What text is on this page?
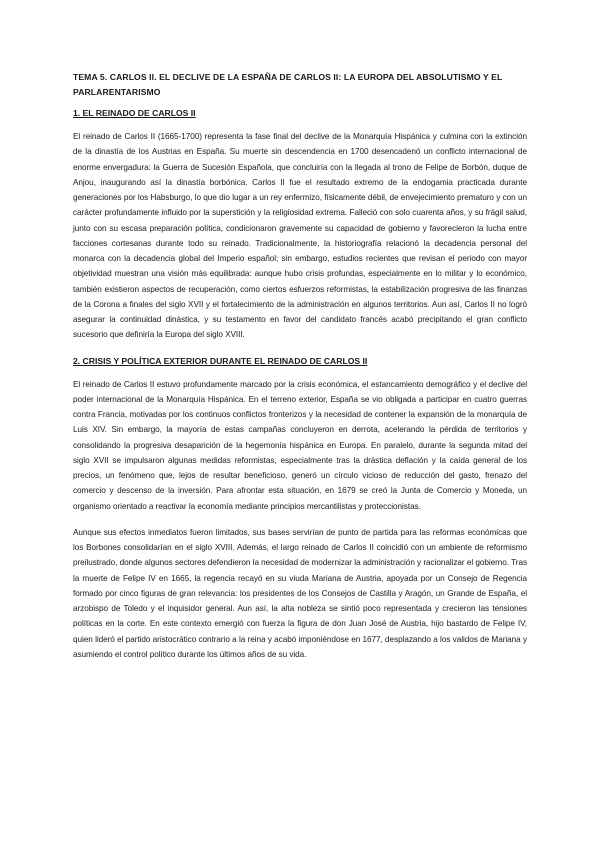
TEMA 5. CARLOS II. EL DECLIVE DE LA ESPAÑA DE CARLOS II: LA EUROPA DEL ABSOLUTISMO Y EL PARLARENTARISMO
1. EL REINADO DE CARLOS II

El reinado de Carlos II (1665-1700) representa la fase final del declive de la Monarquía Hispánica y culmina con la extinción de la dinastía de los Austrias en España. Su muerte sin descendencia en 1700 desencadenó un conflicto internacional de enorme envergadura: la Guerra de Sucesión Española, que concluiría con la llegada al trono de Felipe de Borbón, duque de Anjou, inaugurando así la dinastía borbónica. Carlos II fue el resultado extremo de la endogamia practicada durante generaciones por los Habsburgo, lo que dio lugar a un rey enfermizo, físicamente débil, de envejecimiento prematuro y con un carácter profundamente influido por la superstición y la religiosidad extrema. Falleció con solo cuarenta años, y su frágil salud, junto con su escasa preparación política, condicionaron gravemente su capacidad de gobierno y favorecieron la lucha entre facciones cortesanas durante todo su reinado. Tradicionalmente, la historiografía relacionó la decadencia personal del monarca con la decadencia global del Imperio español; sin embargo, estudios recientes que revisan el periodo con mayor objetividad muestran una visión más equilibrada: aunque hubo crisis profundas, especialmente en lo militar y lo económico, también existieron aspectos de recuperación, como ciertos esfuerzos reformistas, la estabilización progresiva de las finanzas de la Corona a finales del siglo XVII y el fortalecimiento de la administración en algunos territorios. Aun así, Carlos II no logró asegurar la continuidad dinástica, y su testamento en favor del candidato francés acabó precipitando el gran conflicto sucesorio que definiría la Europa del siglo XVIII.

2. CRISIS Y POLÍTICA EXTERIOR DURANTE EL REINADO DE CARLOS II

El reinado de Carlos II estuvo profundamente marcado por la crisis económica, el estancamiento demográfico y el declive del poder internacional de la Monarquía Hispánica. En el terreno exterior, España se vio obligada a participar en cuatro guerras contra Francia, motivadas por los continuos conflictos fronterizos y la necesidad de contener la expansión de la monarquía de Luis XIV. Sin embargo, la mayoría de estas campañas concluyeron en derrota, acelerando la pérdida de territorios y consolidando la progresiva desaparición de la hegemonía hispánica en Europa. En paralelo, durante la segunda mitad del siglo XVII se impulsaron algunas medidas reformistas, especialmente tras la drástica deflación y la caída general de los precios, un fenómeno que, lejos de resultar beneficioso, generó un círculo vicioso de reducción del gasto, frenazo del comercio y descenso de la inversión. Para afrontar esta situación, en 1679 se creó la Junta de Comercio y Moneda, un organismo orientado a reactivar la economía mediante principios mercantilistas y proteccionistas.

Aunque sus efectos inmediatos fueron limitados, sus bases servirían de punto de partida para las reformas económicas que los Borbones consolidarían en el siglo XVIII. Además, el largo reinado de Carlos II coincidió con un ambiente de reformismo preilustrado, donde algunos sectores defendieron la necesidad de modernizar la administración y racionalizar el gobierno. Tras la muerte de Felipe IV en 1665, la regencia recayó en su viuda Mariana de Austria, apoyada por un Consejo de Regencia formado por cinco figuras de gran relevancia: los presidentes de los Consejos de Castilla y Aragón, un Grande de España, el arzobispo de Toledo y el inquisidor general. Aun así, la alta nobleza se sintió poco representada y crecieron las tensiones políticas en la corte. En este contexto emergió con fuerza la figura de don Juan José de Austria, hijo bastardo de Felipe IV, quien lideró el partido aristocrático contrario a la reina y acabó imponiéndose en 1677, desplazando a los validos de Mariana y asumiendo el control político durante los últimos años de su vida.
